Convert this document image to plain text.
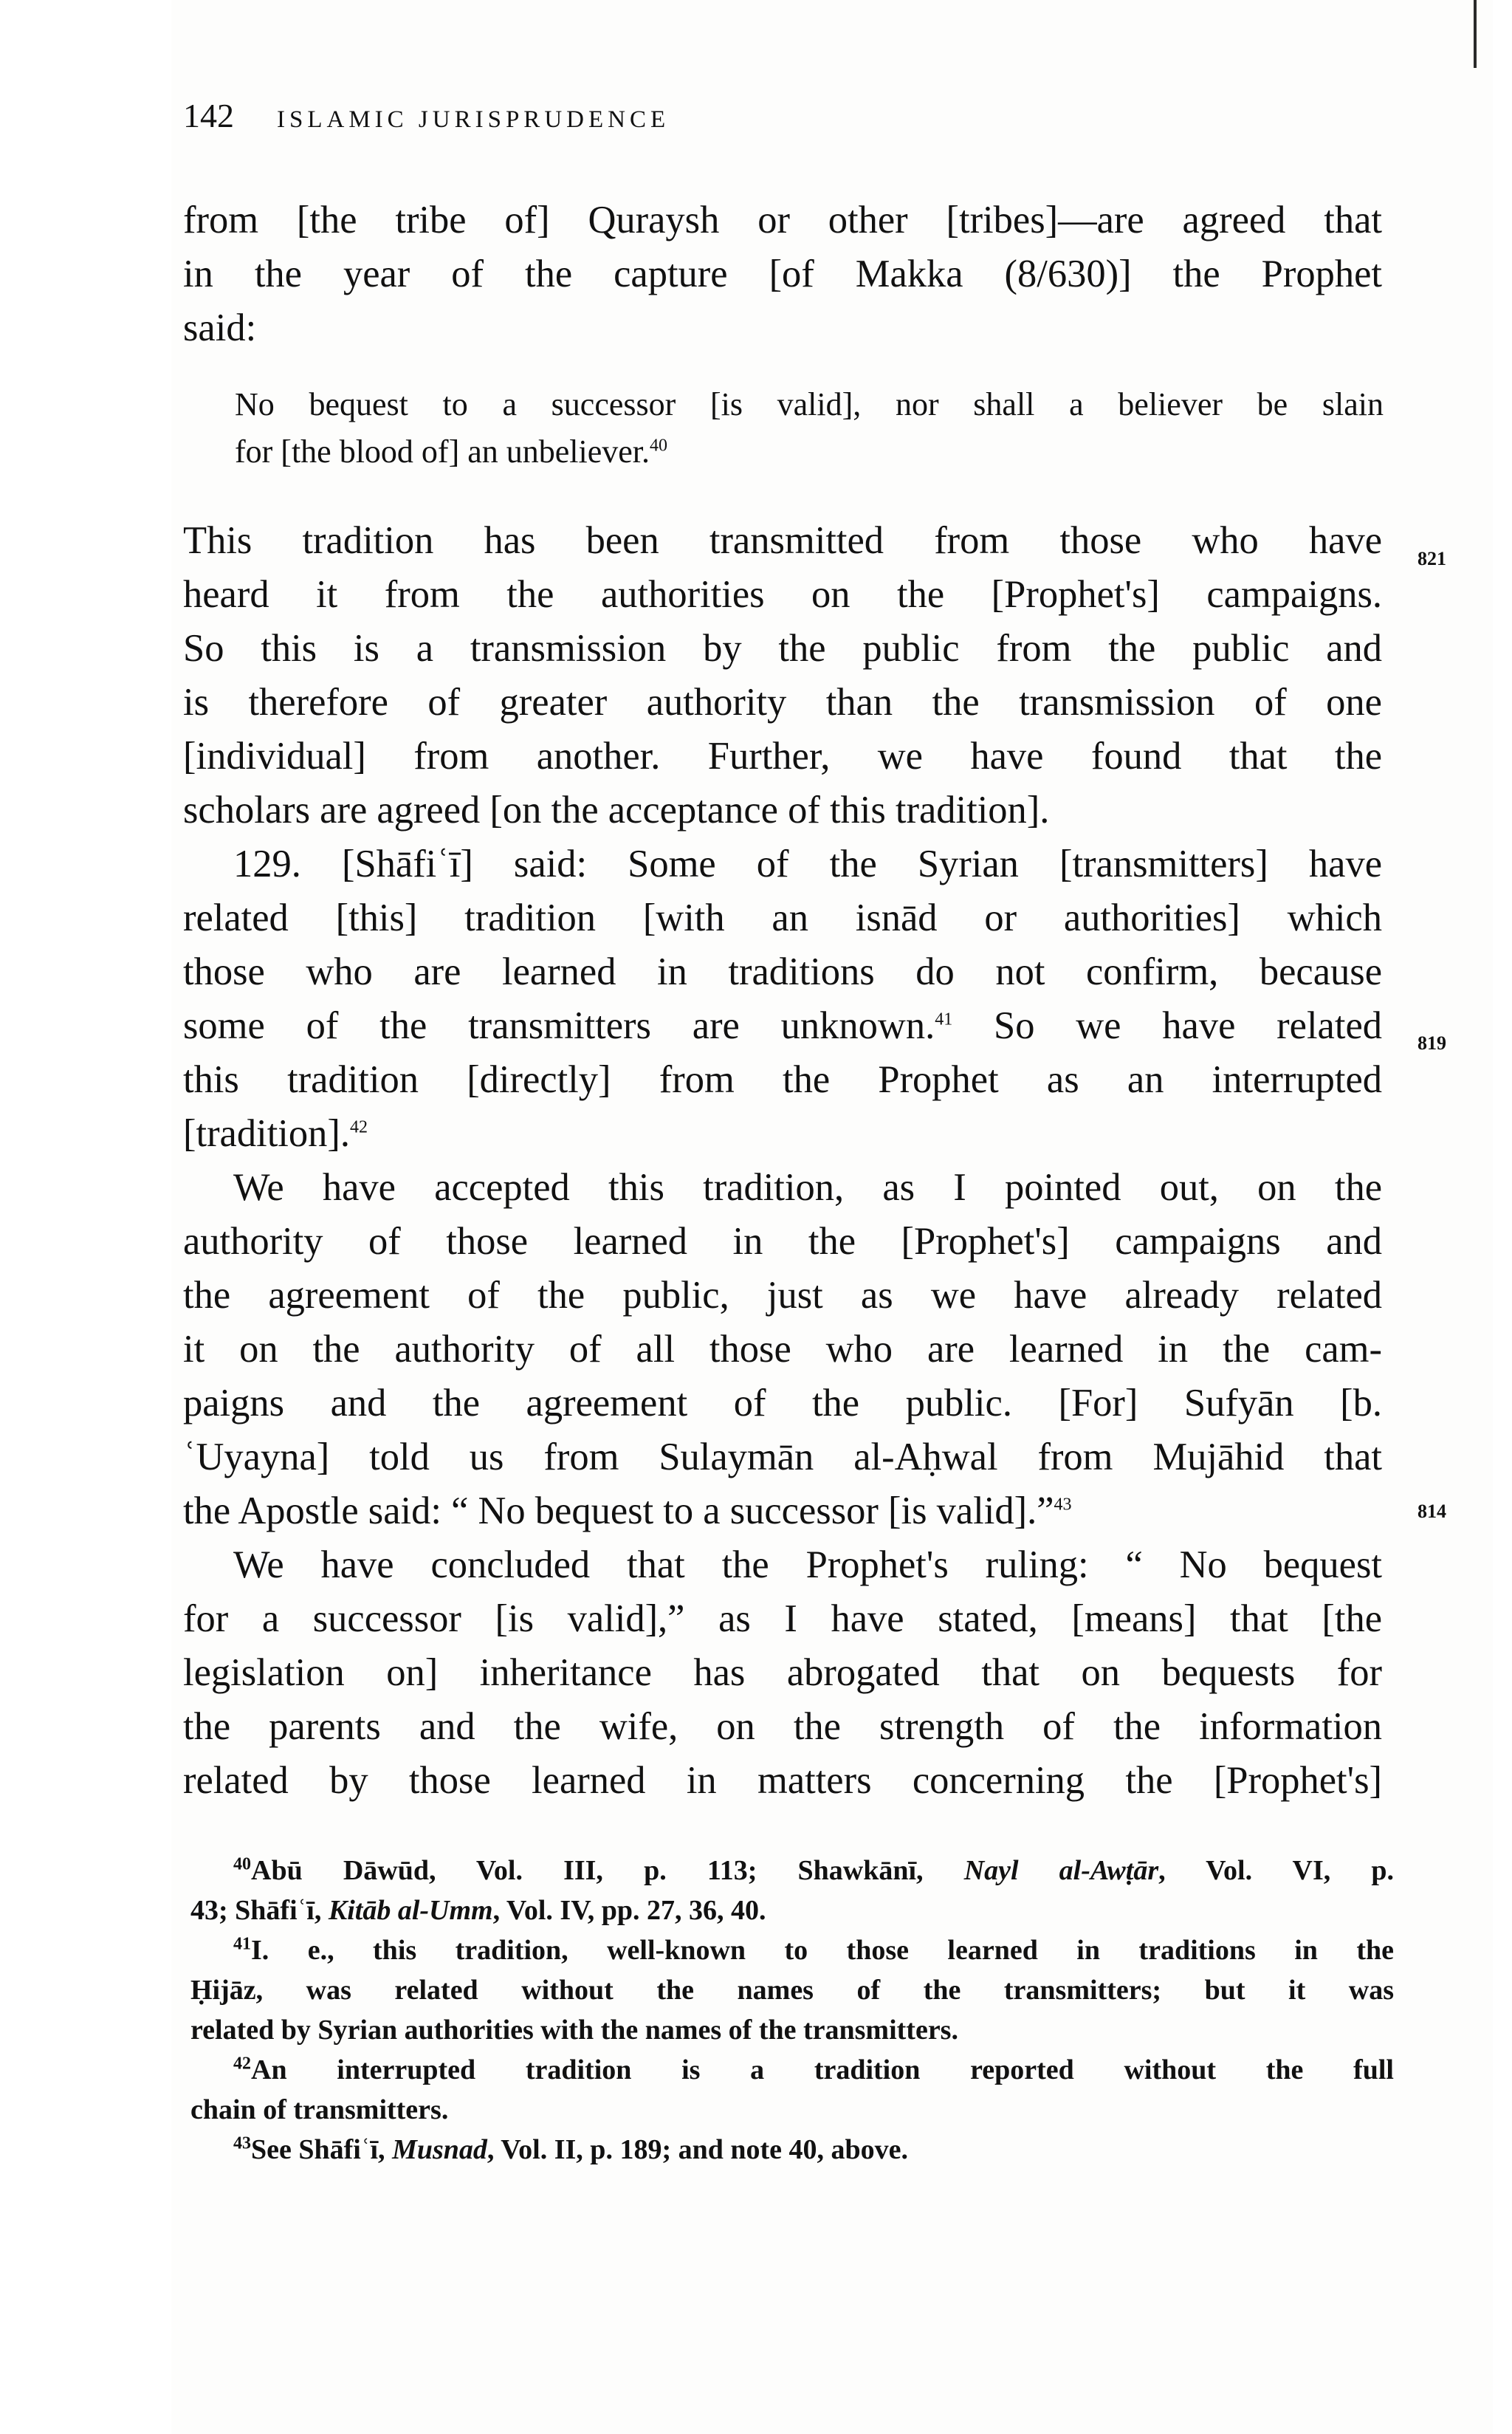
142 ISLAMIC JURISPRUDENCE
from [the tribe of] Quraysh or other [tribes]—are agreed that
in the year of the capture [of Makka (8/630)] the Prophet
said:
No bequest to a successor [is valid], nor shall a believer be slain
for [the blood of] an unbeliever.$^{40}$
This tradition has been transmitted from those who have
heard it from the authorities on the [Prophet's] campaigns.
So this is a transmission by the public from the public and
is therefore of greater authority than the transmission of one
[individual] from another. Further, we have found that the
scholars are agreed [on the acceptance of this tradition].
129. [Shāfiʿī] said: Some of the Syrian [transmitters] have
related [this] tradition [with an isnād or authorities] which
those who are learned in traditions do not confirm, because
some of the transmitters are unknown.$^{41}$ So we have related
this tradition [directly] from the Prophet as an interrupted
[tradition].$^{42}$
We have accepted this tradition, as I pointed out, on the
authority of those learned in the [Prophet's] campaigns and
the agreement of the public, just as we have already related
it on the authority of all those who are learned in the cam-
paigns and the agreement of the public. [For] Sufyān [b.
ʿUyayna] told us from Sulaymān al-Aḥwal from Mujāhid that
the Apostle said: “ No bequest to a successor [is valid].”$^{43}$
We have concluded that the Prophet's ruling: “ No bequest
for a successor [is valid],” as I have stated, [means] that [the
legislation on] inheritance has abrogated that on bequests for
the parents and the wife, on the strength of the information
related by those learned in matters concerning the [Prophet's]
821
819
814
$^{40}$Abū Dāwūd, Vol. III, p. 113; Shawkānī, Nayl al-Awṭār, Vol. VI, p.
43; Shāfiʿī, Kitāb al-Umm, Vol. IV, pp. 27, 36, 40.
$^{41}$I. e., this tradition, well-known to those learned in traditions in the
Ḥijāz, was related without the names of the transmitters; but it was
related by Syrian authorities with the names of the transmitters.
$^{42}$An interrupted tradition is a tradition reported without the full
chain of transmitters.
$^{43}$See Shāfiʿī, Musnad, Vol. II, p. 189; and note 40, above.
